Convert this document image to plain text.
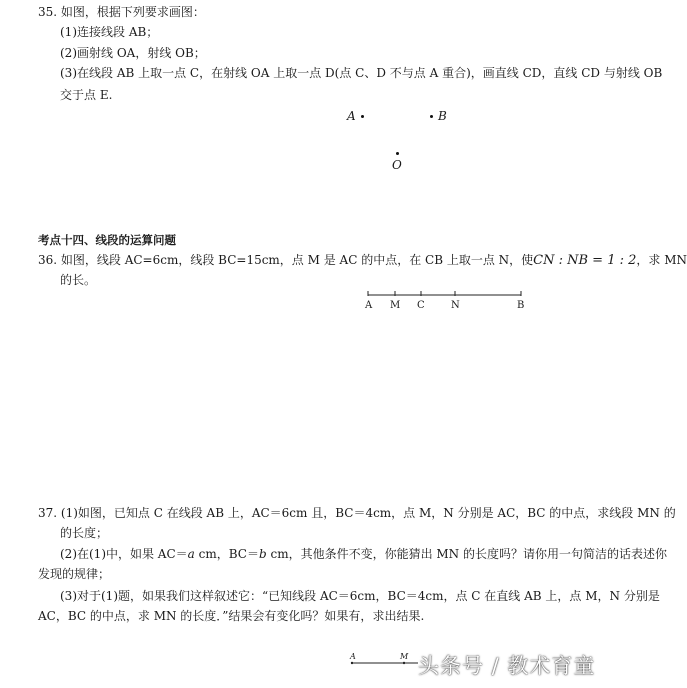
35. 如图，根据下列要求画图：
(1)连接线段 AB；
(2)画射线 OA，射线 OB；
(3)在线段 AB 上取一点 C，在射线 OA 上取一点 D(点 C、D 不与点 A 重合)，画直线 CD，直线 CD 与射线 OB
交于点 E.
A	B
O
考点十四、线段的运算问题
36. 如图，线段 AC=6cm，线段 BC=15cm，点 M 是 AC 的中点，在 CB 上取一点 N，使CN : NB = 1 : 2，求 MN
的长。
A M C	N	B
37. (1)如图，已知点 C 在线段 AB 上，AC＝6cm 且，BC＝4cm，点 M，N 分别是 AC，BC 的中点，求线段 MN 的
的长度；
(2)在(1)中，如果 AC＝a cm，BC＝b cm，其他条件不变，你能猜出 MN 的长度吗？请你用一句简洁的话表述你
发现的规律；
(3)对于(1)题，如果我们这样叙述它：“已知线段 AC＝6cm，BC＝4cm，点 C 在直线 AB 上，点 M，N 分别是
AC，BC 的中点，求 MN 的长度．”结果会有变化吗？如果有，求出结果.
A	M 头条号 / 教术育童
